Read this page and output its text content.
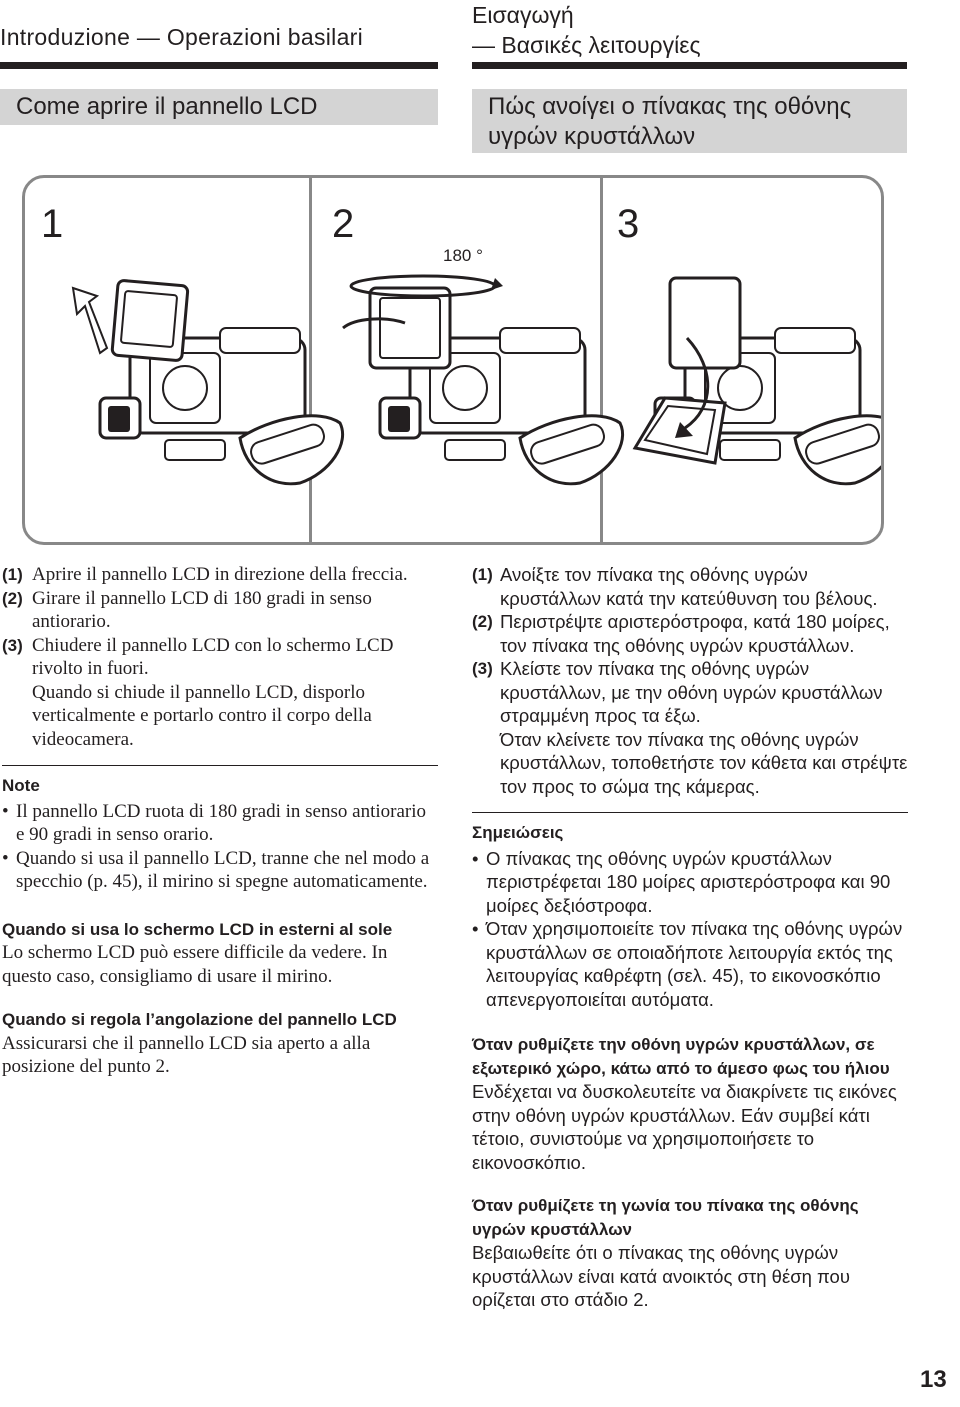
Introduzione — Operazioni basilari
Εισαγωγή
— Βασικές λειτουργίες
Come aprire il pannello LCD	Πώς ανοίγει ο πίνακας της οθόνης
υγρών κρυστάλλων
1	2	3
180 °
(1) Aprire il pannello LCD in direzione della freccia.
(2) Girare il pannello LCD di 180 gradi in senso antiorario.
(3) Chiudere il pannello LCD con lo schermo LCD rivolto in fuori.
Quando si chiude il pannello LCD, disporlo verticalmente e portarlo contro il corpo della videocamera.
Note
• Il pannello LCD ruota di 180 gradi in senso antiorario e 90 gradi in senso orario.
• Quando si usa il pannello LCD, tranne che nel modo a specchio (p. 45), il mirino si spegne automaticamente.
Quando si usa lo schermo LCD in esterni al sole
Lo schermo LCD può essere difficile da vedere. In questo caso, consigliamo di usare il mirino.
Quando si regola l’angolazione del pannello LCD
Assicurarsi che il pannello LCD sia aperto a alla posizione del punto 2.
(1) Ανοίξτε τον πίνακα της οθόνης υγρών κρυστάλλων κατά την κατεύθυνση του βέλους.
(2) Περιστρέψτε αριστερόστροφα, κατά 180 μοίρες, τον πίνακα της οθόνης υγρών κρυστάλλων.
(3) Κλείστε τον πίνακα της οθόνης υγρών κρυστάλλων, με την οθόνη υγρών κρυστάλλων στραμμένη προς τα έξω.
Όταν κλείνετε τον πίνακα της οθόνης υγρών κρυστάλλων, τοποθετήστε τον κάθετα και στρέψτε τον προς το σώμα της κάμερας.
Σημειώσεις
• Ο πίνακας της οθόνης υγρών κρυστάλλων περιστρέφεται 180 μοίρες αριστερόστροφα και 90 μοίρες δεξιόστροφα.
• Όταν χρησιμοποιείτε τον πίνακα της οθόνης υγρών κρυστάλλων σε οποιαδήποτε λειτουργία εκτός της λειτουργίας καθρέφτη (σελ. 45), το εικονοσκόπιο απενεργοποιείται αυτόματα.
Όταν ρυθμίζετε την οθόνη υγρών κρυστάλλων, σε εξωτερικό χώρο, κάτω από το άμεσο φως του ήλιου
Ενδέχεται να δυσκολευτείτε να διακρίνετε τις εικόνες στην οθόνη υγρών κρυστάλλων. Εάν συμβεί κάτι τέτοιο, συνιστούμε να χρησιμοποιήσετε το εικονοσκόπιο.
Όταν ρυθμίζετε τη γωνία του πίνακα της οθόνης υγρών κρυστάλλων
Βεβαιωθείτε ότι ο πίνακας της οθόνης υγρών κρυστάλλων είναι κατά ανοικτός στη θέση που ορίζεται στο στάδιο 2.
13
